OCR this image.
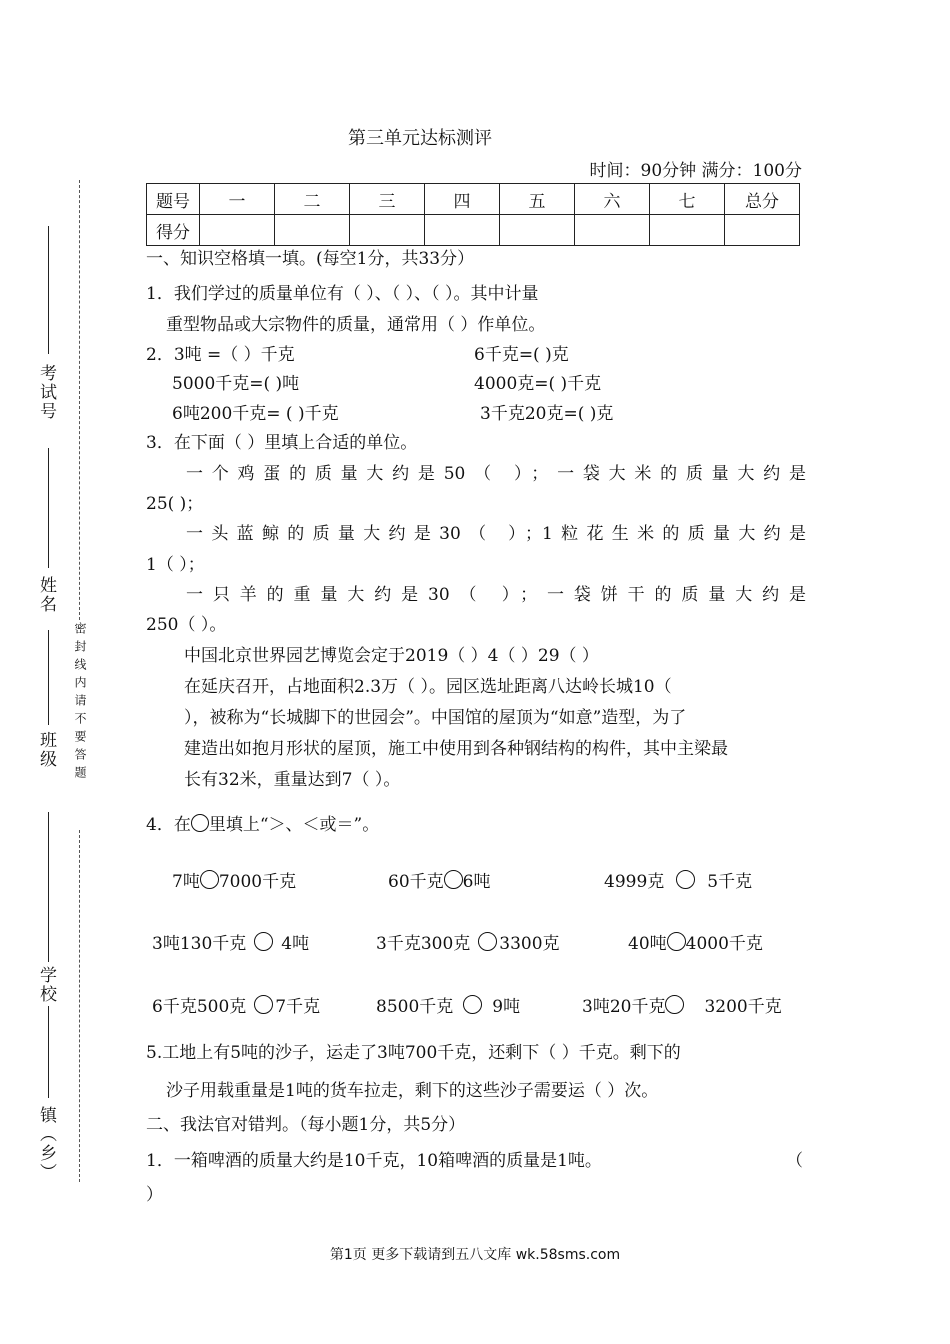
考试号
姓名
班级
学校
镇（乡）
密封线内请不要答题
第三单元达标测评
时间：90分钟 满分：100分
题号	一	二	三	四	五	六	七	总分
得分								
一、知识空格填一填。(每空1分，共33分）
1．我们学过的质量单位有（ ）、（ ）、（ ）。其中计量
重型物品或大宗物件的质量，通常用（ ）作单位。
2．3吨 =（ ）千克	6千克=( )克
5000千克=( )吨	4000克=( )千克
6吨200千克= ( )千克	3千克20克=( )克
3．在下面（ ）里填上合适的单位。
一个鸡蛋的质量大约是50（ ）；一袋大米的质量大约是
25( )；
一头蓝鲸的质量大约是30（ ）；1粒花生米的质量大约是
1（ ）；
一只羊的重量大约是30（ ）；一袋饼干的质量大约是
250（ ）。
中国北京世界园艺博览会定于2019（ ）4（ ）29（ ）
在延庆召开，占地面积2.3万（ ）。园区选址距离八达岭长城10（
），被称为“长城脚下的世园会”。中国馆的屋顶为“如意”造型，为了
建造出如抱月形状的屋顶，施工中使用到各种钢结构的构件，其中主梁最
长有32米，重量达到7（ ）。
4．在 里填上“＞、＜或＝”。
7吨 7000千克	60千克 6吨	4999克	5千克
3吨130千克 4吨	3千克300克 3300克	40吨 4000千克
6千克500克 7千克	8500千克 9吨	3吨20千克 3200千克
5.工地上有5吨的沙子，运走了3吨700千克，还剩下（ ）千克。剩下的
沙子用载重量是1吨的货车拉走，剩下的这些沙子需要运（ ）次。
二、我法官对错判。（每小题1分，共5分）
1．一箱啤酒的质量大约是10千克，10箱啤酒的质量是1吨。	（
）
第1页 更多下载请到五八文库 wk.58sms.com
